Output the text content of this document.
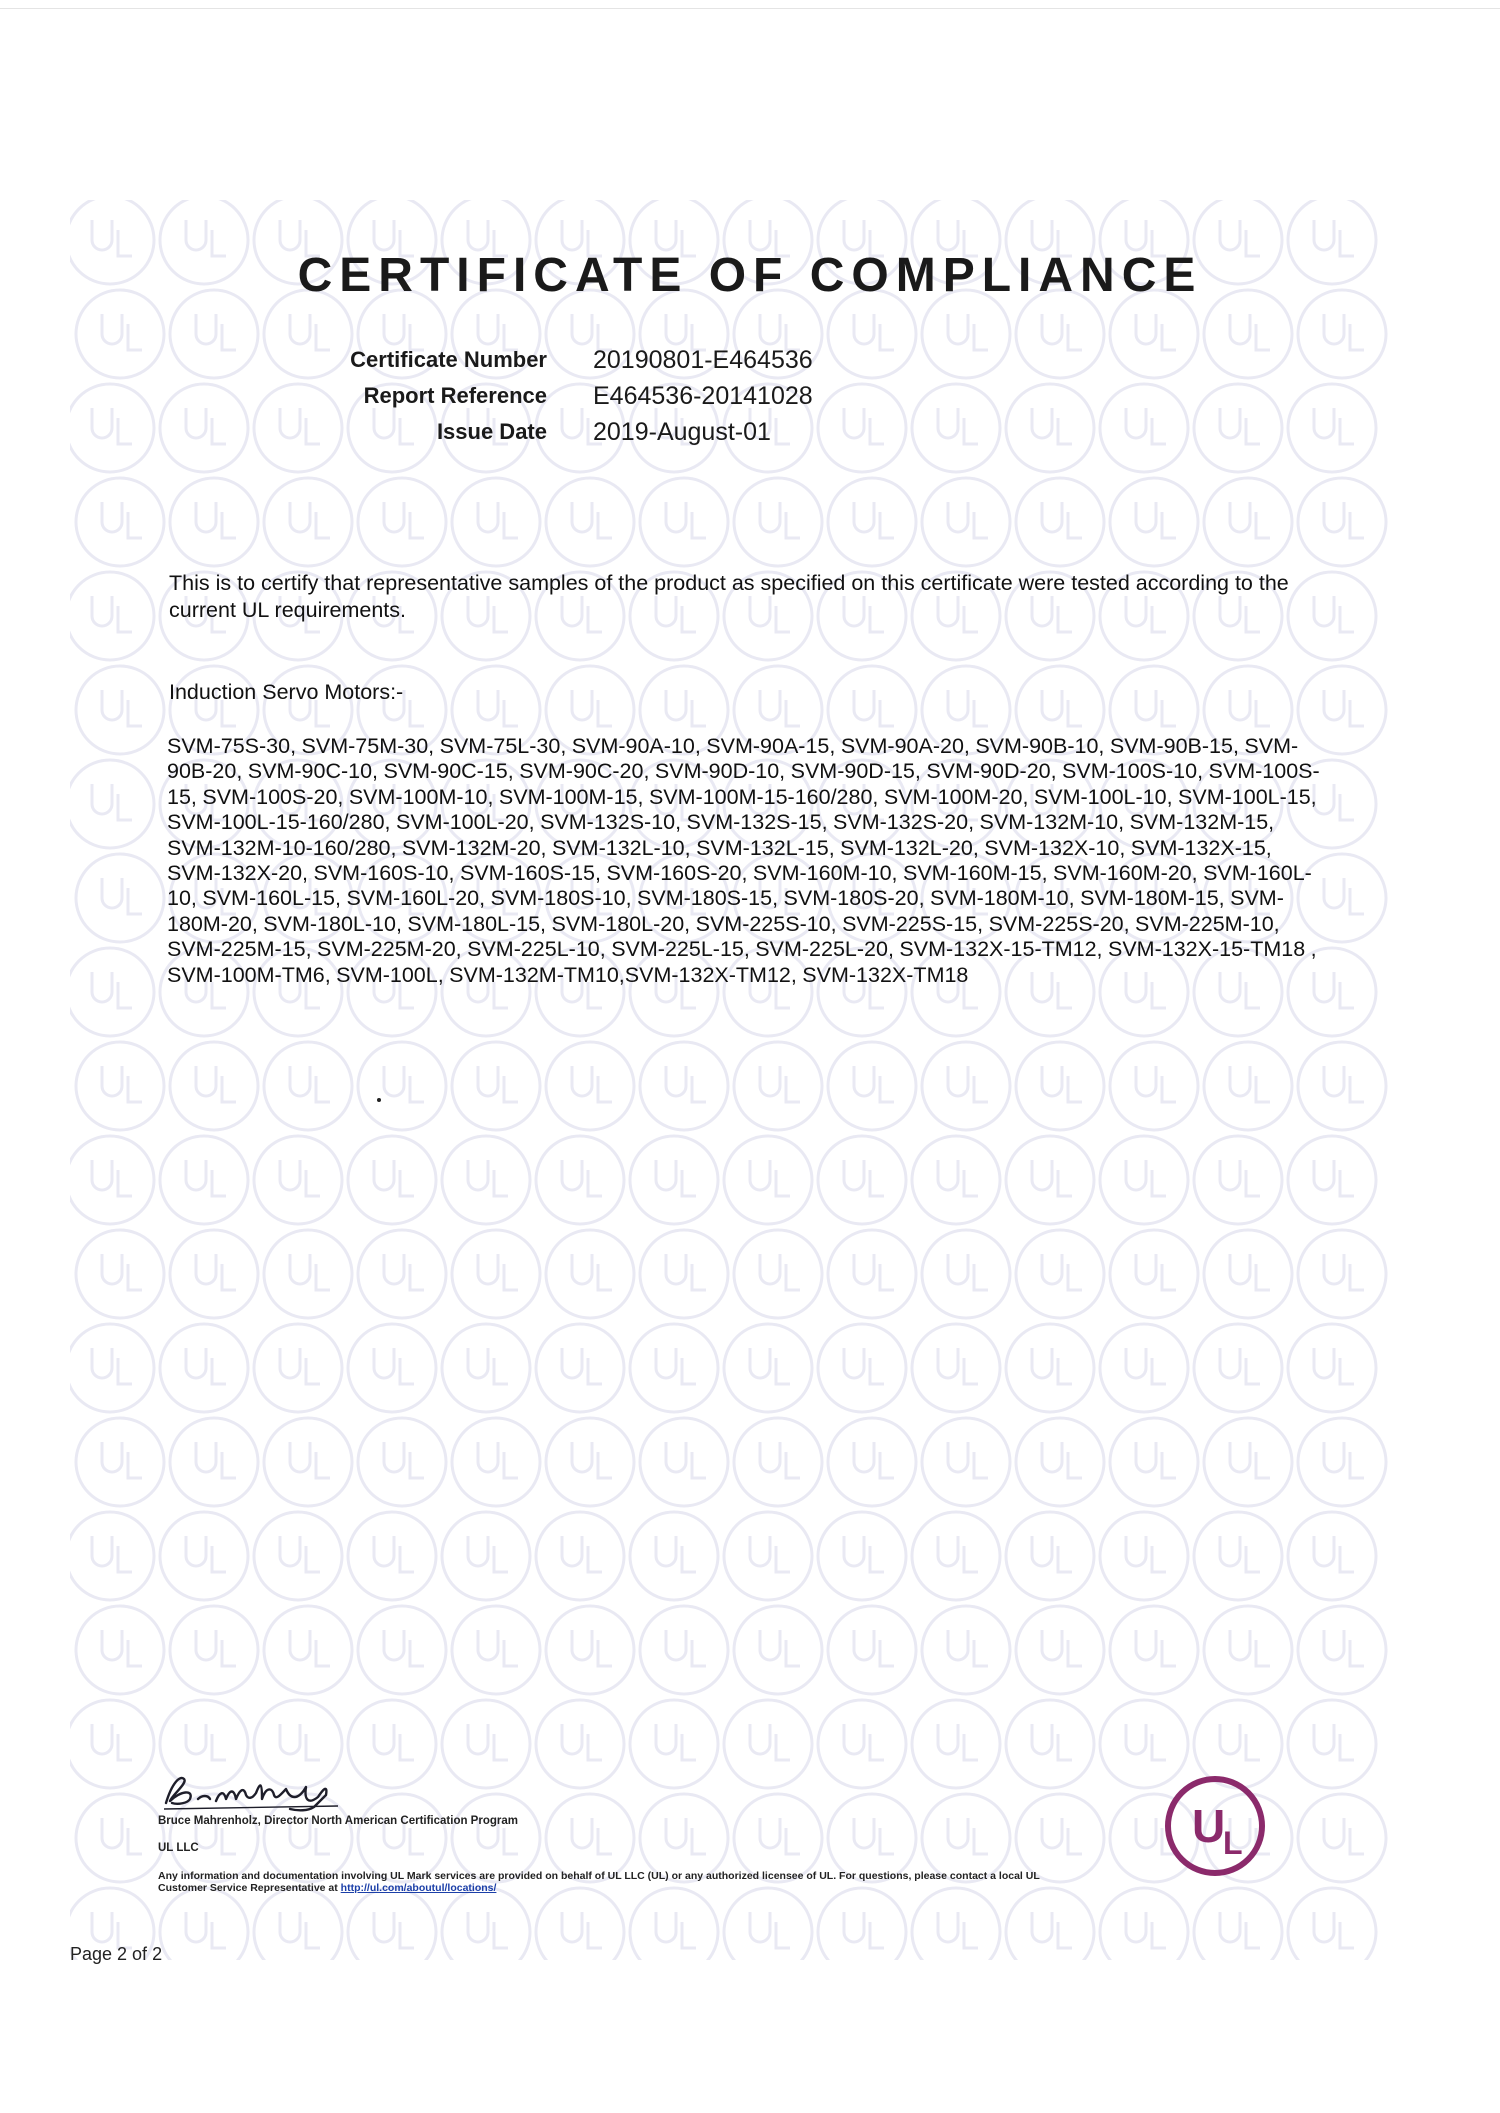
CERTIFICATE OF COMPLIANCE
Certificate Number 20190801-E464536
Report Reference E464536-20141028
Issue Date 2019-August-01

This is to certify that representative samples of the product as specified on this certificate were tested according to the current UL requirements.

Induction Servo Motors:-

SVM-75S-30, SVM-75M-30, SVM-75L-30, SVM-90A-10, SVM-90A-15, SVM-90A-20, SVM-90B-10, SVM-90B-15, SVM-90B-20, SVM-90C-10, SVM-90C-15, SVM-90C-20, SVM-90D-10, SVM-90D-15, SVM-90D-20, SVM-100S-10, SVM-100S-15, SVM-100S-20, SVM-100M-10, SVM-100M-15, SVM-100M-15-160/280, SVM-100M-20, SVM-100L-10, SVM-100L-15, SVM-100L-15-160/280, SVM-100L-20, SVM-132S-10, SVM-132S-15, SVM-132S-20, SVM-132M-10, SVM-132M-15, SVM-132M-10-160/280, SVM-132M-20, SVM-132L-10, SVM-132L-15, SVM-132L-20, SVM-132X-10, SVM-132X-15, SVM-132X-20, SVM-160S-10, SVM-160S-15, SVM-160S-20, SVM-160M-10, SVM-160M-15, SVM-160M-20, SVM-160L-10, SVM-160L-15, SVM-160L-20, SVM-180S-10, SVM-180S-15, SVM-180S-20, SVM-180M-10, SVM-180M-15, SVM-180M-20, SVM-180L-10, SVM-180L-15, SVM-180L-20, SVM-225S-10, SVM-225S-15, SVM-225S-20, SVM-225M-10, SVM-225M-15, SVM-225M-20, SVM-225L-10, SVM-225L-15, SVM-225L-20, SVM-132X-15-TM12, SVM-132X-15-TM18 , SVM-100M-TM6, SVM-100L, SVM-132M-TM10,SVM-132X-TM12, SVM-132X-TM18

Bruce Mahrenholz, Director North American Certification Program

UL LLC

Any information and documentation involving UL Mark services are provided on behalf of UL LLC (UL) or any authorized licensee of UL. For questions, please contact a local UL Customer Service Representative at http://ul.com/aboutul/locations/

U
L

Page 2 of 2
